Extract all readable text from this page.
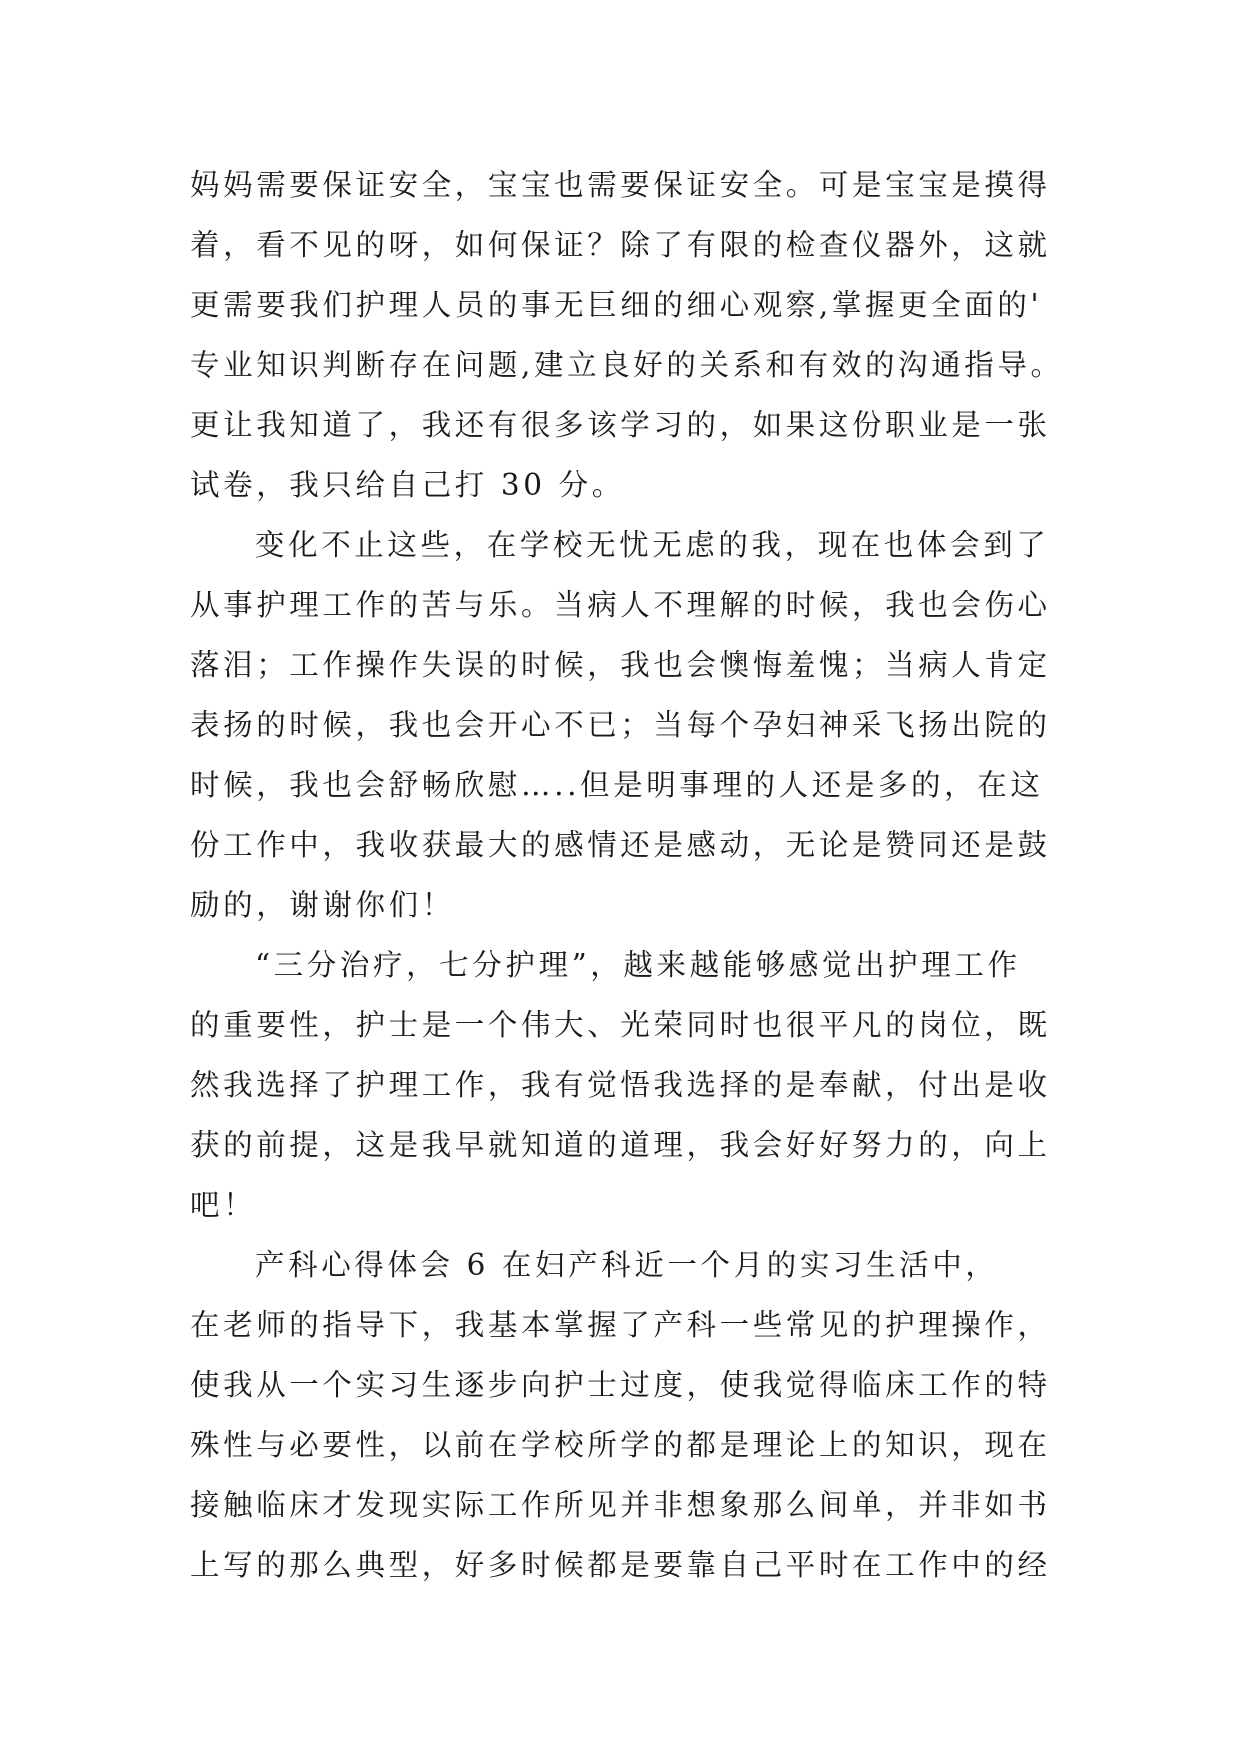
妈妈需要保证安全，宝宝也需要保证安全。可是宝宝是摸得
着，看不见的呀，如何保证？除了有限的检查仪器外，这就
更需要我们护理人员的事无巨细的细心观察,掌握更全面的'
专业知识判断存在问题,建立良好的关系和有效的沟通指导。
更让我知道了，我还有很多该学习的，如果这份职业是一张
试卷，我只给自己打 30 分。
变化不止这些，在学校无忧无虑的我，现在也体会到了
从事护理工作的苦与乐。当病人不理解的时候，我也会伤心
落泪；工作操作失误的时候，我也会懊悔羞愧；当病人肯定
表扬的时候，我也会开心不已；当每个孕妇神采飞扬出院的
时候，我也会舒畅欣慰…..但是明事理的人还是多的，在这
份工作中，我收获最大的感情还是感动，无论是赞同还是鼓
励的，谢谢你们！
“三分治疗，七分护理”，越来越能够感觉出护理工作
的重要性，护士是一个伟大、光荣同时也很平凡的岗位，既
然我选择了护理工作，我有觉悟我选择的是奉献，付出是收
获的前提，这是我早就知道的道理，我会好好努力的，向上
吧！
产科心得体会 6 在妇产科近一个月的实习生活中，
在老师的指导下，我基本掌握了产科一些常见的护理操作，
使我从一个实习生逐步向护士过度，使我觉得临床工作的特
殊性与必要性，以前在学校所学的都是理论上的知识，现在
接触临床才发现实际工作所见并非想象那么间单，并非如书
上写的那么典型，好多时候都是要靠自己平时在工作中的经
